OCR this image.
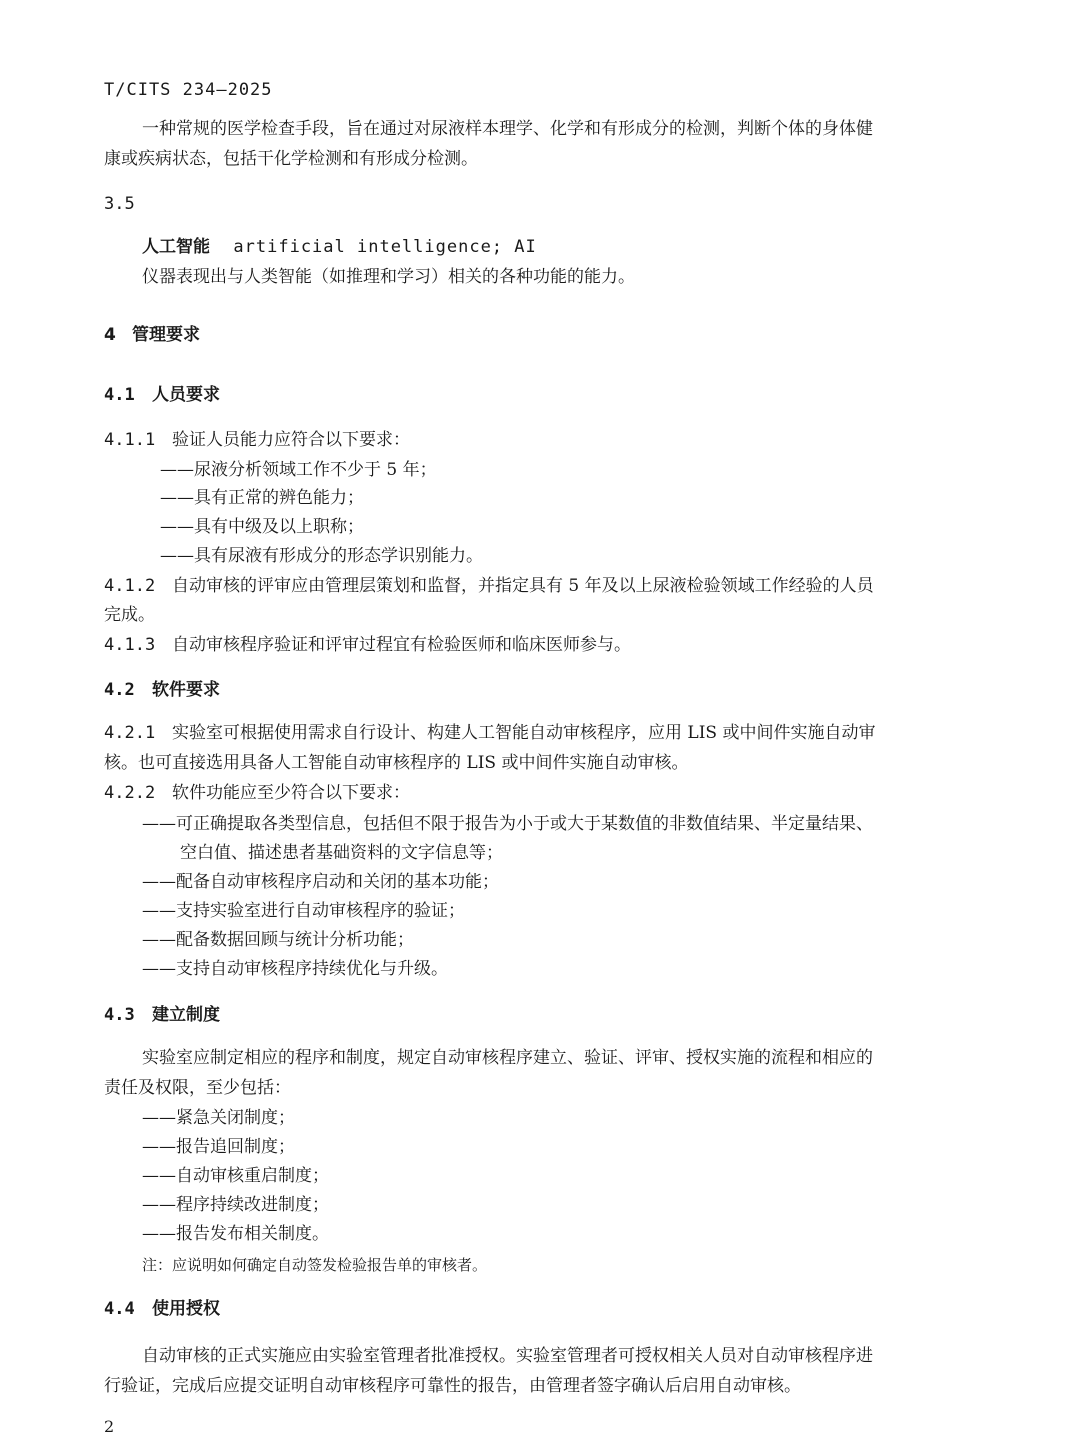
T/CITS 234—2025
一种常规的医学检查手段，旨在通过对尿液样本理学、化学和有形成分的检测，判断个体的身体健
康或疾病状态，包括干化学检测和有形成分检测。
3.5
人工智能 artificial intelligence; AI
仪器表现出与人类智能（如推理和学习）相关的各种功能的能力。
4 管理要求
4.1 人员要求
4.1.1 验证人员能力应符合以下要求：
——尿液分析领域工作不少于 5 年；
——具有正常的辨色能力；
——具有中级及以上职称；
——具有尿液有形成分的形态学识别能力。
4.1.2 自动审核的评审应由管理层策划和监督，并指定具有 5 年及以上尿液检验领域工作经验的人员
完成。
4.1.3 自动审核程序验证和评审过程宜有检验医师和临床医师参与。
4.2 软件要求
4.2.1 实验室可根据使用需求自行设计、构建人工智能自动审核程序，应用 LIS 或中间件实施自动审
核。也可直接选用具备人工智能自动审核程序的 LIS 或中间件实施自动审核。
4.2.2 软件功能应至少符合以下要求：
——可正确提取各类型信息，包括但不限于报告为小于或大于某数值的非数值结果、半定量结果、
空白值、描述患者基础资料的文字信息等；
——配备自动审核程序启动和关闭的基本功能；
——支持实验室进行自动审核程序的验证；
——配备数据回顾与统计分析功能；
——支持自动审核程序持续优化与升级。
4.3 建立制度
实验室应制定相应的程序和制度，规定自动审核程序建立、验证、评审、授权实施的流程和相应的
责任及权限，至少包括：
——紧急关闭制度；
——报告追回制度；
——自动审核重启制度；
——程序持续改进制度；
——报告发布相关制度。
注：应说明如何确定自动签发检验报告单的审核者。
4.4 使用授权
自动审核的正式实施应由实验室管理者批准授权。实验室管理者可授权相关人员对自动审核程序进
行验证，完成后应提交证明自动审核程序可靠性的报告，由管理者签字确认后启用自动审核。
2
